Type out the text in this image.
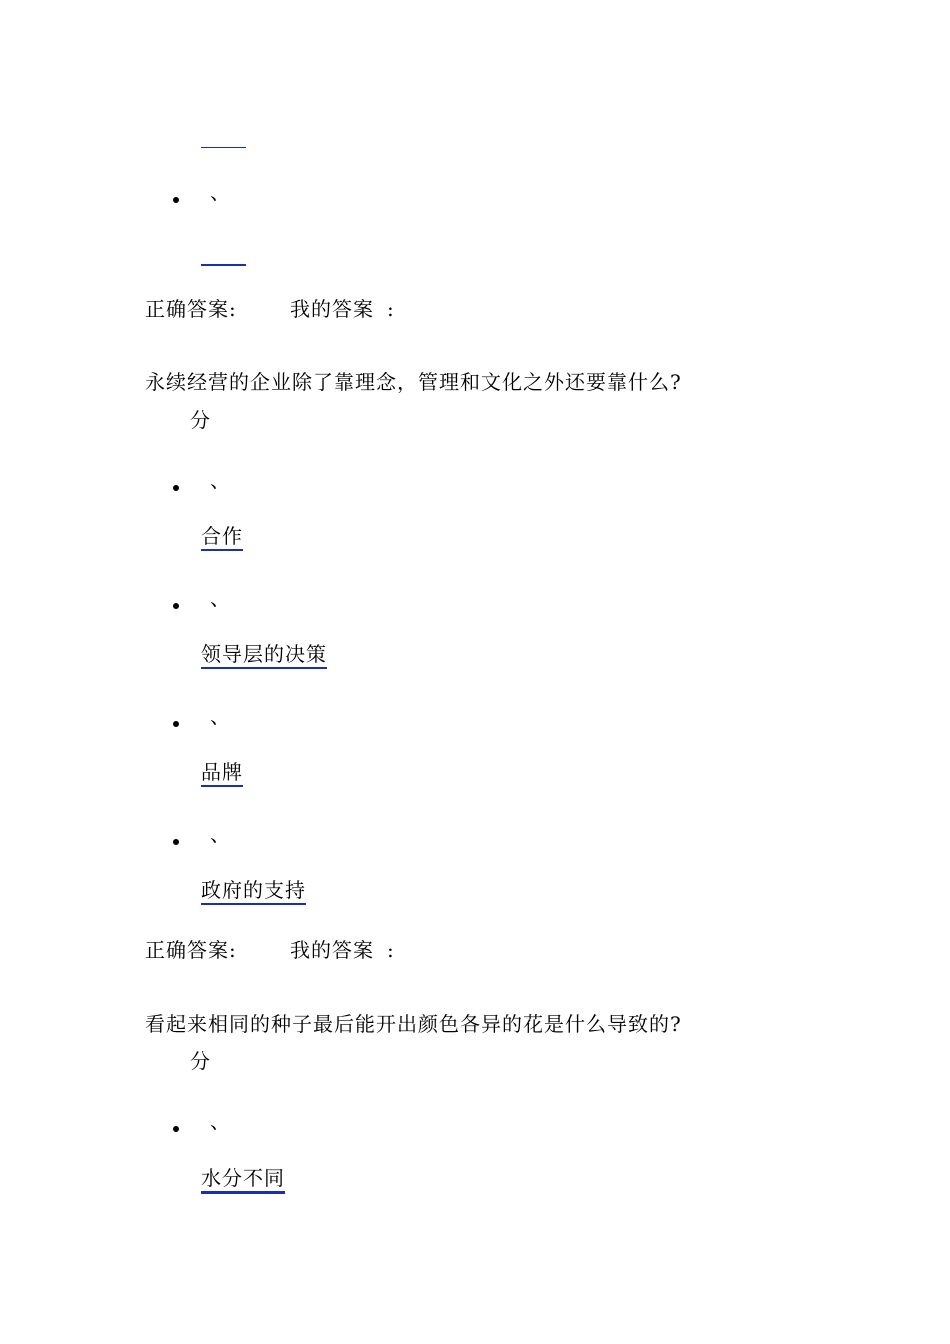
、
正确答案:	我的答案 :
永续经营的企业除了靠理念，管理和文化之外还要靠什么?
分
、
合作
、
领导层的决策
、
品牌
、
政府的支持
正确答案:	我的答案 :
看起来相同的种子最后能开出颜色各异的花是什么导致的?
分
、
水分不同
